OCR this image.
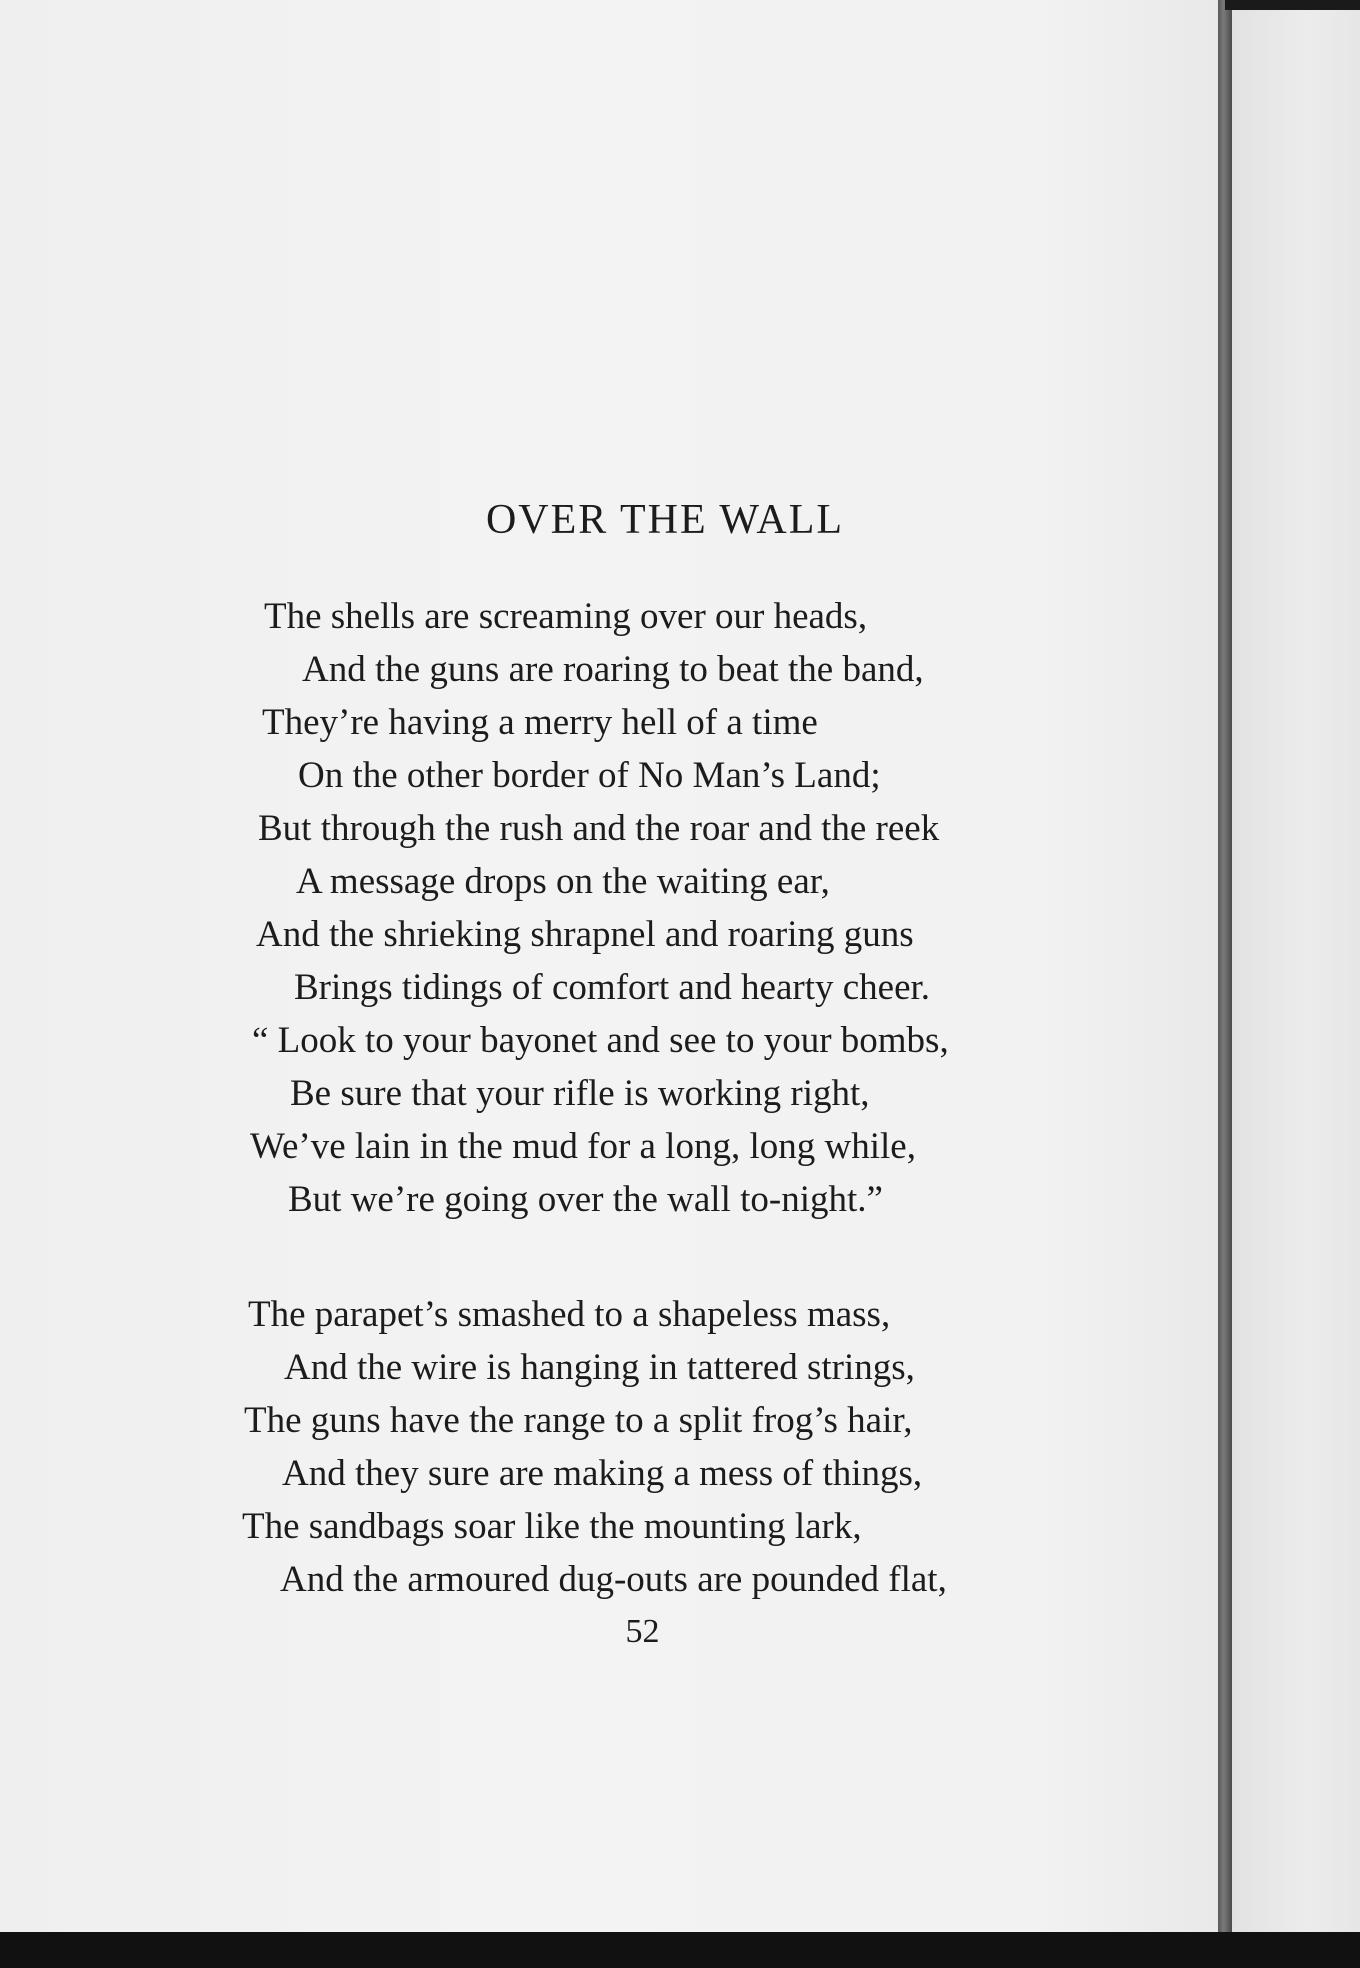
OVER THE WALL
The shells are screaming over our heads,
And the guns are roaring to beat the band,
They’re having a merry hell of a time
On the other border of No Man’s Land;
But through the rush and the roar and the reek
A message drops on the waiting ear,
And the shrieking shrapnel and roaring guns
Brings tidings of comfort and hearty cheer.
“ Look to your bayonet and see to your bombs,
Be sure that your rifle is working right,
We’ve lain in the mud for a long, long while,
But we’re going over the wall to-night.”
The parapet’s smashed to a shapeless mass,
And the wire is hanging in tattered strings,
The guns have the range to a split frog’s hair,
And they sure are making a mess of things,
The sandbags soar like the mounting lark,
And the armoured dug-outs are pounded flat,
52
